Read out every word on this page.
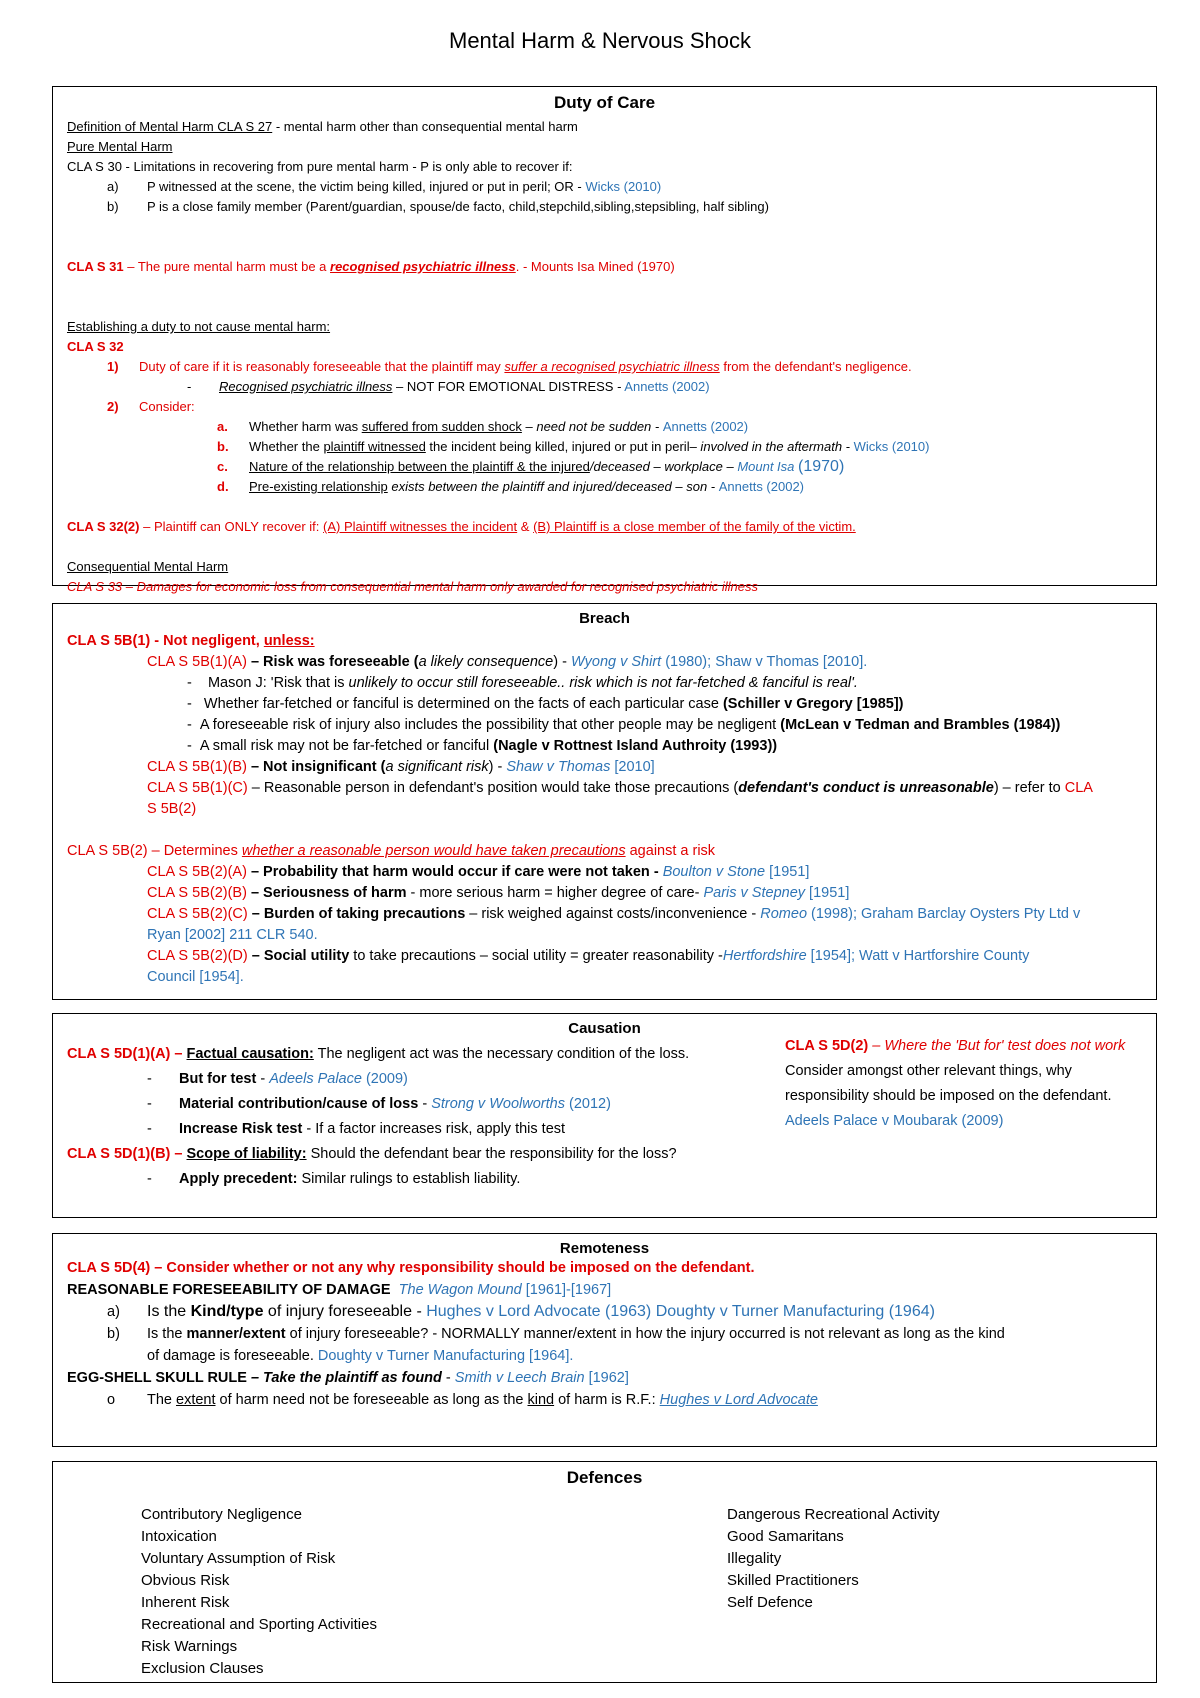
Mental Harm & Nervous Shock
Duty of Care
Definition of Mental Harm CLA S 27 - mental harm other than consequential mental harm
Pure Mental Harm
CLA S 30 - Limitations in recovering from pure mental harm - P is only able to recover if:
a) P witnessed at the scene, the victim being killed, injured or put in peril; OR - Wicks (2010)
b) P is a close family member (Parent/guardian, spouse/de facto, child,stepchild,sibling,stepsibling, half sibling)

CLA S 31 – The pure mental harm must be a recognised psychiatric illness. - Mounts Isa Mined (1970)

Establishing a duty to not cause mental harm:
CLA S 32
1) Duty of care if it is reasonably foreseeable that the plaintiff may suffer a recognised psychiatric illness from the defendant's negligence.
- Recognised psychiatric illness – NOT FOR EMOTIONAL DISTRESS - Annetts (2002)
2) Consider:
a. Whether harm was suffered from sudden shock – need not be sudden - Annetts (2002)
b. Whether the plaintiff witnessed the incident being killed, injured or put in peril– involved in the aftermath - Wicks (2010)
c. Nature of the relationship between the plaintiff & the injured/deceased – workplace – Mount Isa (1970)
d. Pre-existing relationship exists between the plaintiff and injured/deceased – son - Annetts (2002)

CLA S 32(2) – Plaintiff can ONLY recover if: (A) Plaintiff witnesses the incident & (B) Plaintiff is a close member of the family of the victim.

Consequential Mental Harm
CLA S 33 – Damages for economic loss from consequential mental harm only awarded for recognised psychiatric illness
Breach
CLA S 5B(1) - Not negligent, unless:
CLA S 5B(1)(A) – Risk was foreseeable (a likely consequence) - Wyong v Shirt (1980); Shaw v Thomas [2010].
-    Mason J: 'Risk that is unlikely to occur still foreseeable.. risk which is not far-fetched & fanciful is real'.
-   Whether far-fetched or fanciful is determined on the facts of each particular case (Schiller v Gregory [1985])
-  A foreseeable risk of injury also includes the possibility that other people may be negligent (McLean v Tedman and Brambles (1984))
-  A small risk may not be far-fetched or fanciful (Nagle v Rottnest Island Authroity (1993))
CLA S 5B(1)(B) – Not insignificant (a significant risk) - Shaw v Thomas [2010]
CLA S 5B(1)(C) – Reasonable person in defendant's position would take those precautions (defendant's conduct is unreasonable) – refer to CLA
S 5B(2)

CLA S 5B(2) – Determines whether a reasonable person would have taken precautions against a risk
CLA S 5B(2)(A) – Probability that harm would occur if care were not taken - Boulton v Stone [1951]
CLA S 5B(2)(B) – Seriousness of harm - more serious harm = higher degree of care- Paris v Stepney [1951]
CLA S 5B(2)(C) – Burden of taking precautions – risk weighed against costs/inconvenience - Romeo (1998); Graham Barclay Oysters Pty Ltd v
Ryan [2002] 211 CLR 540.
CLA S 5B(2)(D) – Social utility to take precautions – social utility = greater reasonability -Hertfordshire [1954]; Watt v Hartforshire County
Council [1954].
Causation
CLA S 5D(1)(A) – Factual causation: The negligent act was the necessary condition of the loss.
- But for test - Adeels Palace (2009)
- Material contribution/cause of loss - Strong v Woolworths (2012)
- Increase Risk test - If a factor increases risk, apply this test
CLA S 5D(1)(B) – Scope of liability: Should the defendant bear the responsibility for the loss?
- Apply precedent: Similar rulings to establish liability.
CLA S 5D(2) – Where the 'But for' test does not work
Consider amongst other relevant things, why responsibility should be imposed on the defendant. Adeels Palace v Moubarak (2009)
Remoteness
CLA S 5D(4) – Consider whether or not any why responsibility should be imposed on the defendant.
REASONABLE FORESEEABILITY OF DAMAGE The Wagon Mound [1961]-[1967]
a) Is the Kind/type of injury foreseeable - Hughes v Lord Advocate (1963) Doughty v Turner Manufacturing (1964)
b) Is the manner/extent of injury foreseeable? - NORMALLY manner/extent in how the injury occurred is not relevant as long as the kind
of damage is foreseeable. Doughty v Turner Manufacturing [1964].
EGG-SHELL SKULL RULE – Take the plaintiff as found - Smith v Leech Brain [1962]
o The extent of harm need not be foreseeable as long as the kind of harm is R.F.: Hughes v Lord Advocate
Defences
Contributory Negligence
Intoxication
Voluntary Assumption of Risk
Obvious Risk
Inherent Risk
Recreational and Sporting Activities
Risk Warnings
Exclusion Clauses
Dangerous Recreational Activity
Good Samaritans
Illegality
Skilled Practitioners
Self Defence
